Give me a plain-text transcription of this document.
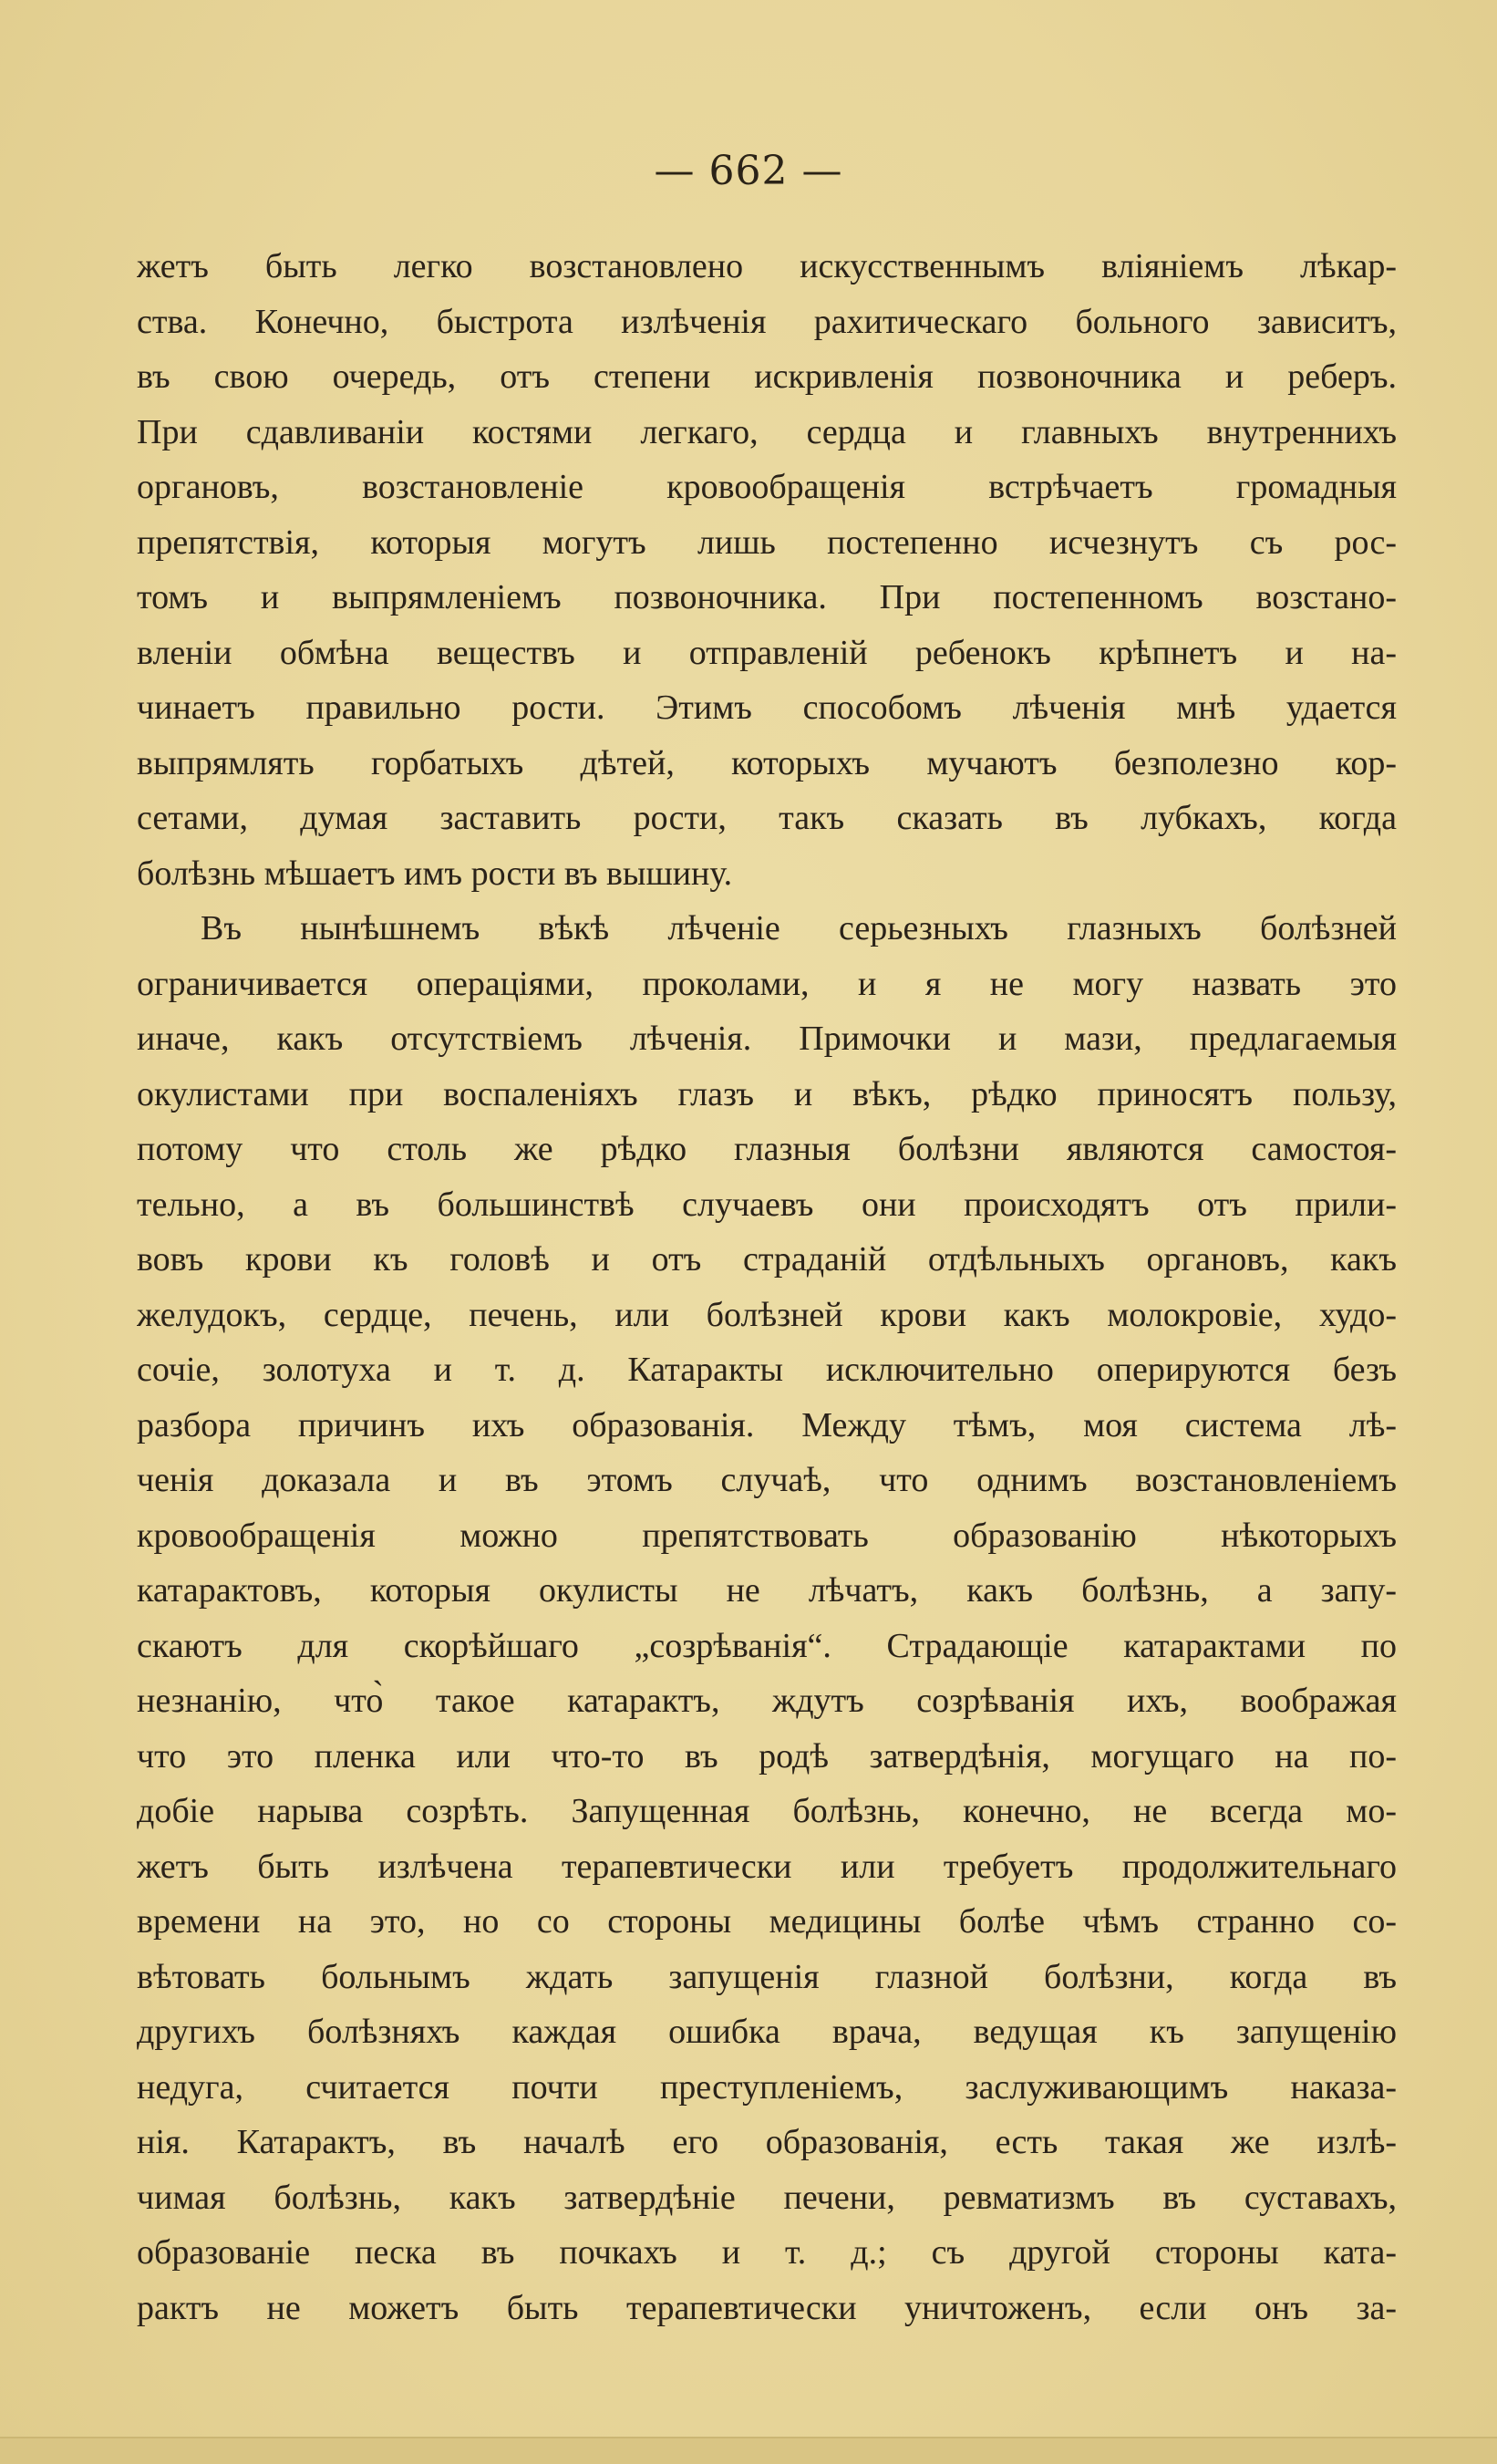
— 662 —
жетъ быть легко возстановлено искусственнымъ вліяніемъ лѣкар-
ства. Конечно, быстрота излѣченія рахитическаго больного зависитъ,
въ свою очередь, отъ степени искривленія позвоночника и реберъ.
При сдавливаніи костями легкаго, сердца и главныхъ внутреннихъ
органовъ, возстановленіе кровообращенія встрѣчаетъ громадныя
препятствія, которыя могутъ лишь постепенно исчезнутъ съ рос-
томъ и выпрямленіемъ позвоночника. При постепенномъ возстано-
вленіи обмѣна веществъ и отправленій ребенокъ крѣпнетъ и на-
чинаетъ правильно рости. Этимъ способомъ лѣченія мнѣ удается
выпрямлять горбатыхъ дѣтей, которыхъ мучаютъ безполезно кор-
сетами, думая заставить рости, такъ сказать въ лубкахъ, когда
болѣзнь мѣшаетъ имъ рости въ вышину.
Въ нынѣшнемъ вѣкѣ лѣченіе серьезныхъ глазныхъ болѣзней
ограничивается операціями, проколами, и я не могу назвать это
иначе, какъ отсутствіемъ лѣченія. Примочки и мази, предлагаемыя
окулистами при воспаленіяхъ глазъ и вѣкъ, рѣдко приносятъ пользу,
потому что столь же рѣдко глазныя болѣзни являются самостоя-
тельно, а въ большинствѣ случаевъ они происходятъ отъ прили-
вовъ крови къ головѣ и отъ страданій отдѣльныхъ органовъ, какъ
желудокъ, сердце, печень, или болѣзней крови какъ молокровіе, худо-
сочіе, золотуха и т. д. Катаракты исключительно оперируются безъ
разбора причинъ ихъ образованія. Между тѣмъ, моя система лѣ-
ченія доказала и въ этомъ случаѣ, что однимъ возстановленіемъ
кровообращенія можно препятствовать образованію нѣкоторыхъ
катарактовъ, которыя окулисты не лѣчатъ, какъ болѣзнь, а запу-
скаютъ для скорѣйшаго „созрѣванія“. Страдающіе катарактами по
незнанію, что̀ такое катарактъ, ждутъ созрѣванія ихъ, воображая
что это пленка или что-то въ родѣ затвердѣнія, могущаго на по-
добіе нарыва созрѣть. Запущенная болѣзнь, конечно, не всегда мо-
жетъ быть излѣчена терапевтически или требуетъ продолжительнаго
времени на это, но со стороны медицины болѣе чѣмъ странно со-
вѣтовать больнымъ ждать запущенія глазной болѣзни, когда въ
другихъ болѣзняхъ каждая ошибка врача, ведущая къ запущенію
недуга, считается почти преступленіемъ, заслуживающимъ наказа-
нія. Катарактъ, въ началѣ его образованія, есть такая же излѣ-
чимая болѣзнь, какъ затвердѣніе печени, ревматизмъ въ суставахъ,
образованіе песка въ почкахъ и т. д.; съ другой стороны ката-
рактъ не можетъ быть терапевтически уничтоженъ, если онъ за-
